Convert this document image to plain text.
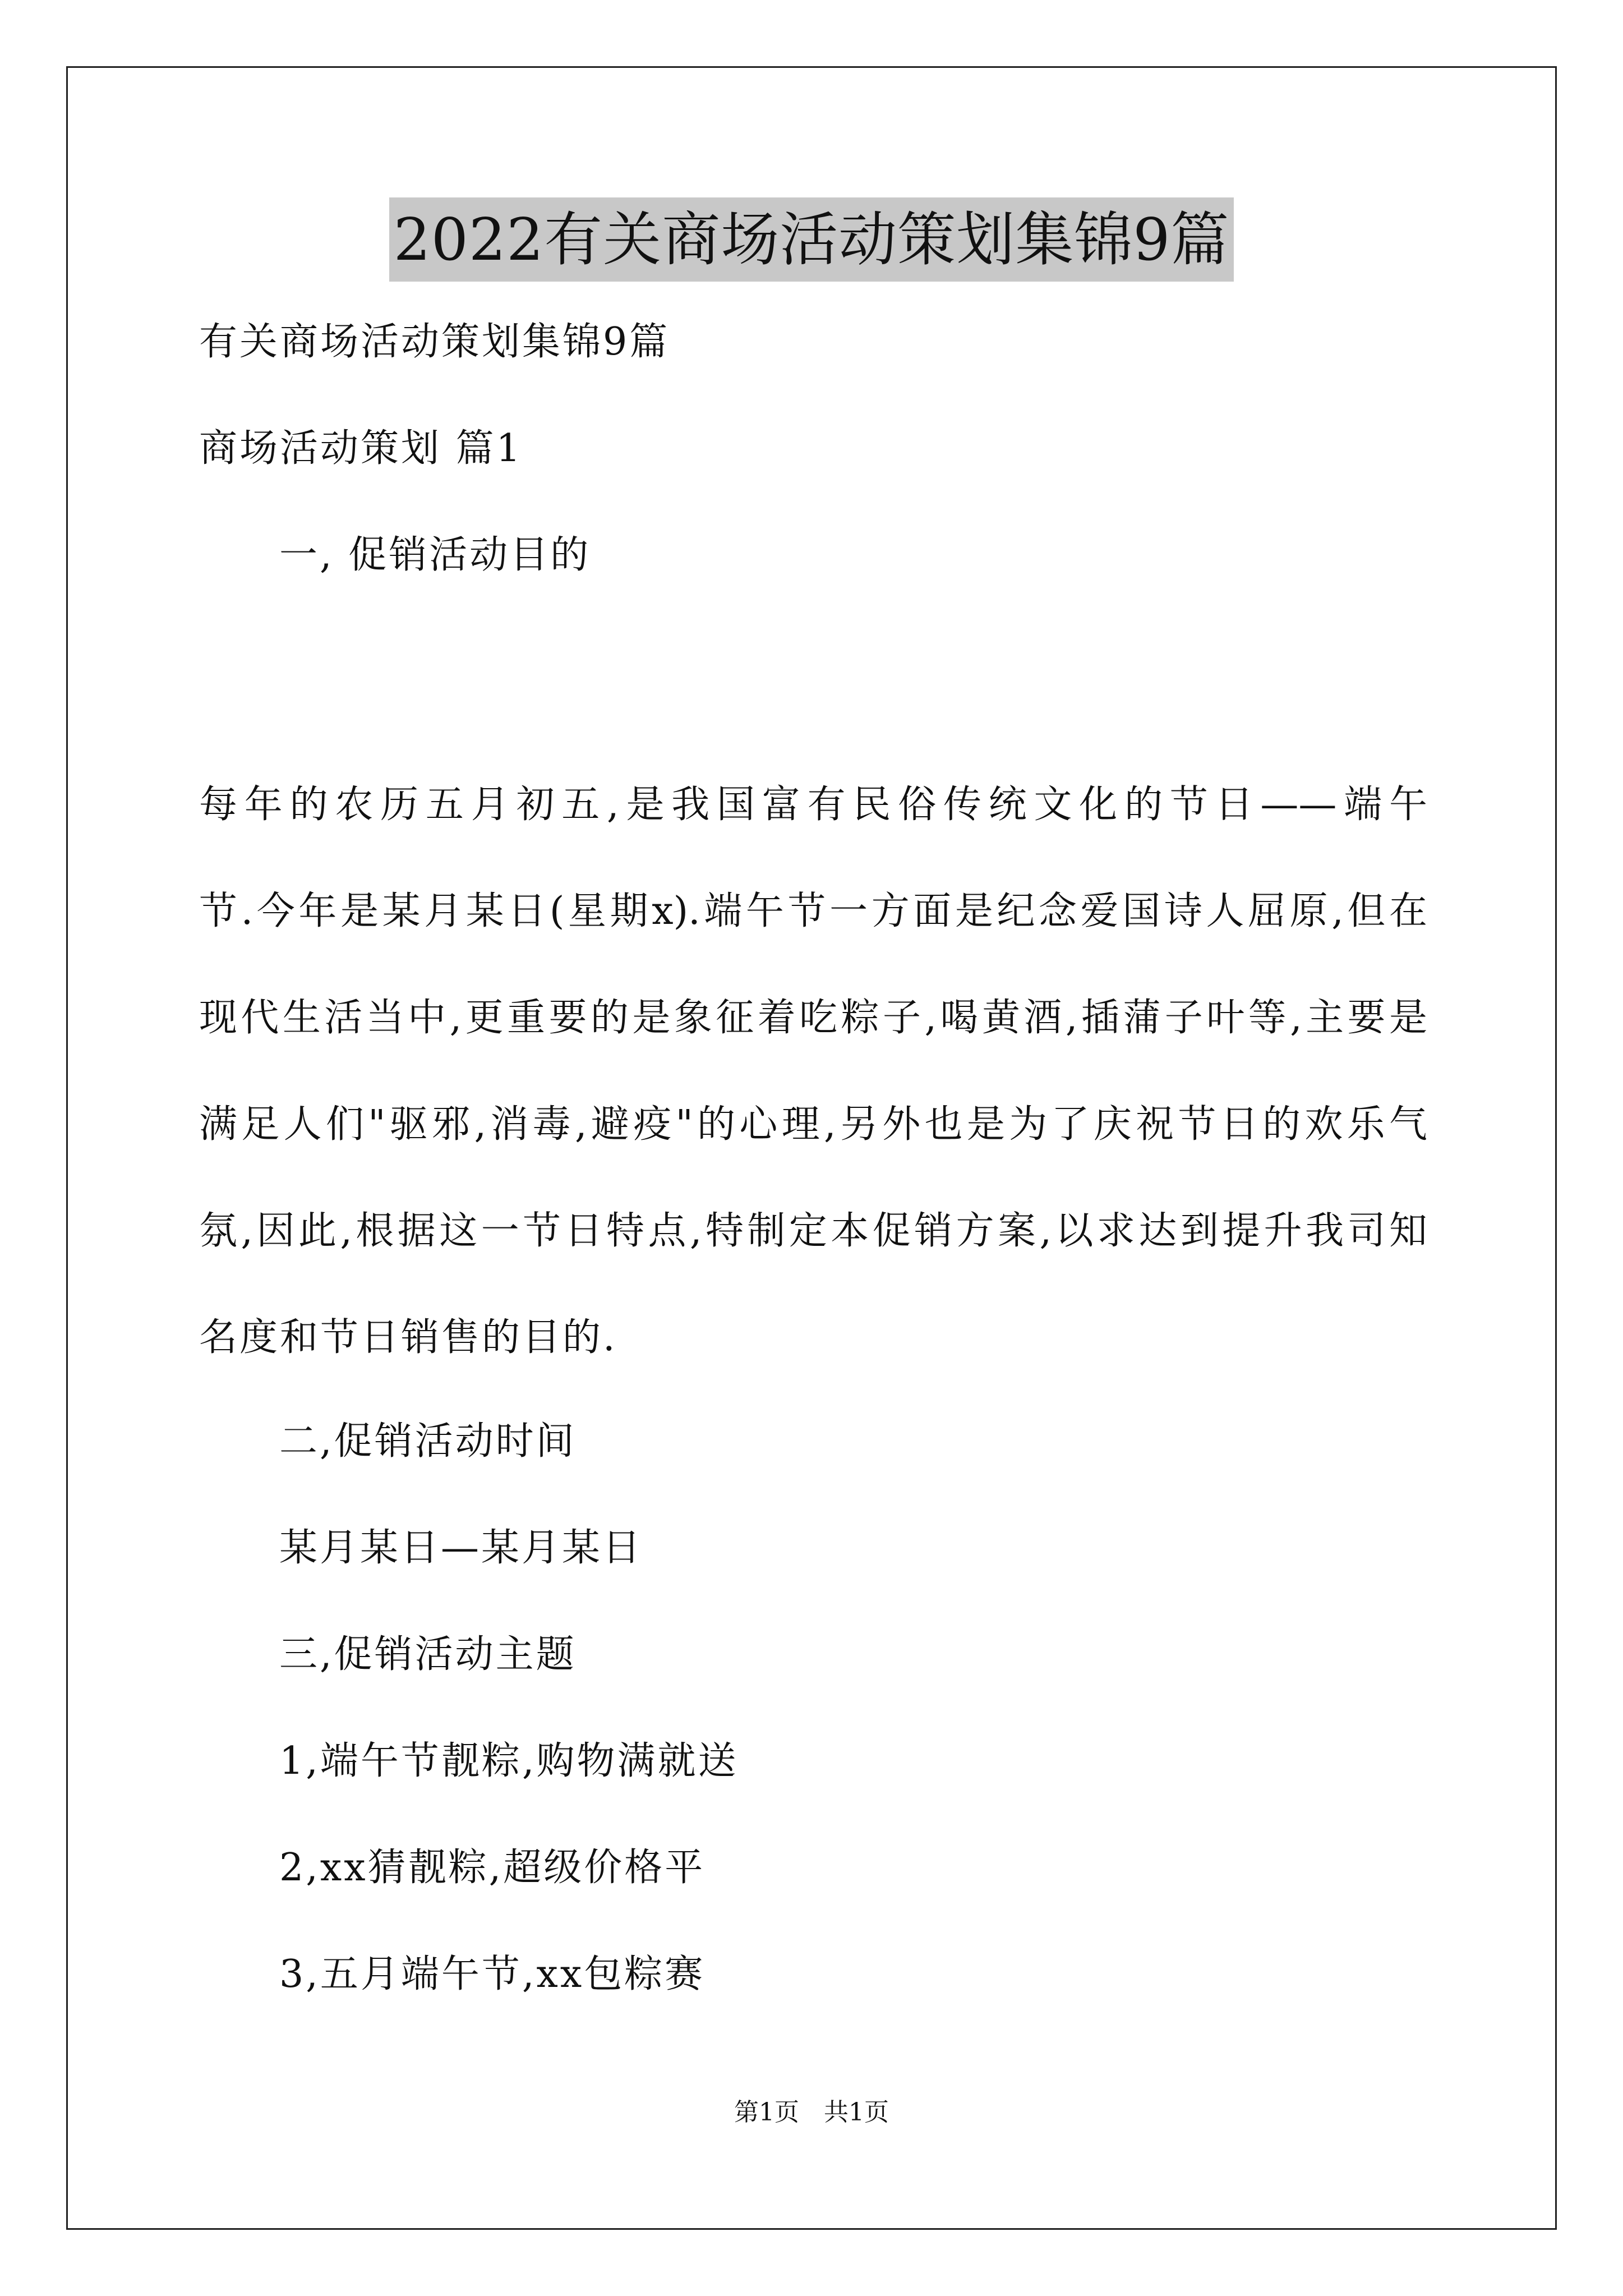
2022有关商场活动策划集锦9篇
有关商场活动策划集锦9篇
商场活动策划 篇1
一, 促销活动目的
每年的农历五月初五,是我国富有民俗传统文化的节日——端午
节.今年是某月某日(星期x).端午节一方面是纪念爱国诗人屈原,但在
现代生活当中,更重要的是象征着吃粽子,喝黄酒,插蒲子叶等,主要是
满足人们"驱邪,消毒,避疫"的心理,另外也是为了庆祝节日的欢乐气
氛,因此,根据这一节日特点,特制定本促销方案,以求达到提升我司知
名度和节日销售的目的.
二,促销活动时间
某月某日—某月某日
三,促销活动主题
1,端午节靓粽,购物满就送
2,xx猜靓粽,超级价格平
3,五月端午节,xx包粽赛
第1页 共1页
